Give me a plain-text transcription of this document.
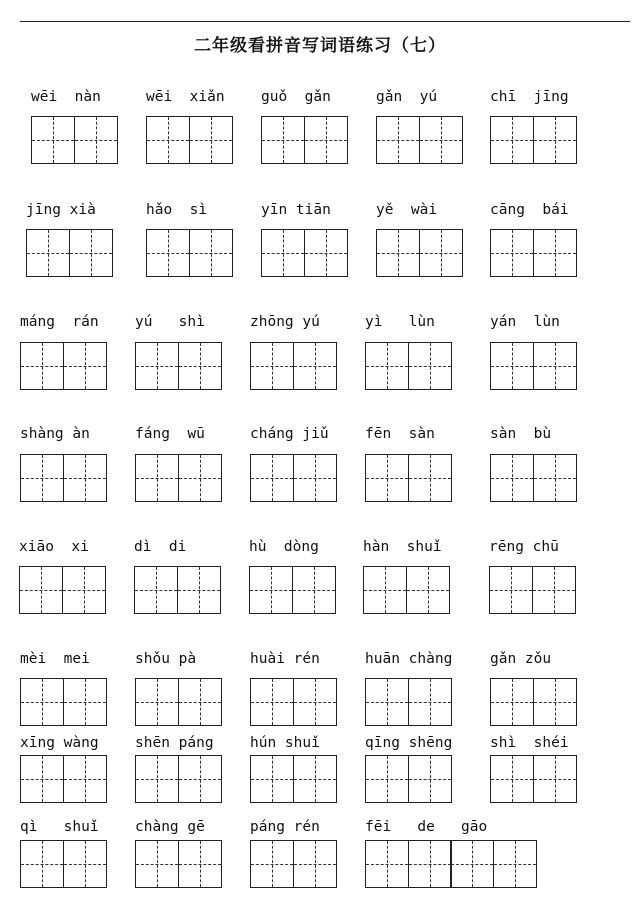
二年级看拼音写词语练习（七）
wēi  nàn	wēi  xiǎn	guǒ  gǎn	gǎn  yú	chī  jīng
jīng xià	hǎo  sì	yīn tiān	yě  wài	cāng  bái
máng  rán	yú   shì	zhōng yú	yì   lùn	yán  lùn
shàng àn	fáng  wū	cháng jiǔ	fēn  sàn	sàn  bù
xiāo  xi	dì  di	hù  dòng	hàn  shuǐ	rēng chū
mèi  mei	shǒu pà	huài rén	huān chàng	gǎn zǒu
xīng wàng	shēn páng	hún shuǐ	qīng shēng	shì  shéi
qì   shuǐ	chàng gē	páng rén	fēi   de   gāo
